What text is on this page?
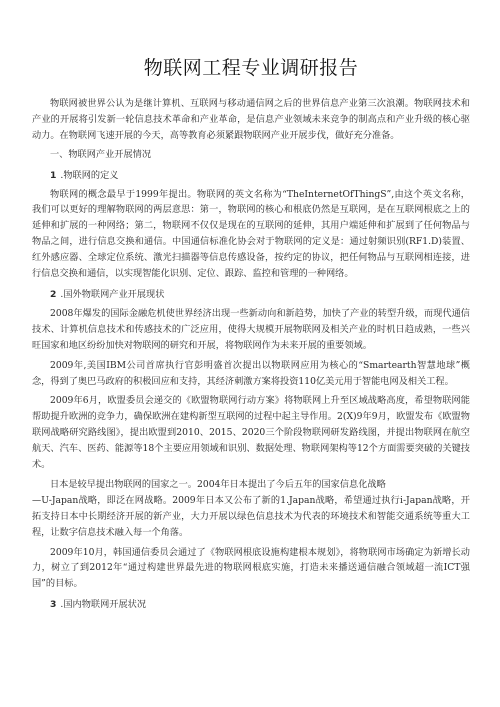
物联网工程专业调研报告

物联网被世界公认为是继计算机、互联网与移动通信网之后的世界信息产业第三次浪潮。物联网技术和产业的开展将引发新一轮信息技术革命和产业革命，是信息产业领域未来竞争的制高点和产业升级的核心驱动力。在物联网飞速开展的今天，高等教育必须紧跟物联网产业开展步伐，做好充分准备。

一、物联网产业开展情况

1 .物联网的定义

物联网的概念最早于1999年提出。物联网的英文名称为“TheInternetOfThingS”,由这个英文名称，我们可以更好的理解物联网的两层意思：第一，物联网的核心和根底仍然是互联网，是在互联网根底之上的延伸和扩展的一种网络；第二，物联网不仅仅是现在的互联网的延伸，其用户端延伸和扩展到了任何物品与物品之间，进行信息交换和通信。中国通信标准化协会对于物联网的定义是：通过射频识别(RF1.D)装置、红外感应器、全球定位系统、激光扫描器等信息传感设备，按约定的协议，把任何物品与互联网相连接，进行信息交换和通信，以实现智能化识别、定位、跟踪、监控和管理的一种网络。

2 .国外物联网产业开展现状

2008年爆发的国际金融危机使世界经济出现一些新动向和新趋势，加快了产业的转型升级，而现代通信技术、计算机信息技术和传感技术的广泛应用，使得大规模开展物联网及相关产业的时机日趋成熟，一些兴旺国家和地区纷纷加快对物联网的研究和开展，将物联网作为未来开展的重要领域。

2009年,美国IBM公司首席执行官彭明盛首次提出以物联网应用为核心的“Smartearth智慧地球”概念，得到了奥巴马政府的积极回应和支持，其经济刺激方案将投资110亿美元用于智能电网及相关工程。

2009年6月，欧盟委员会递交的《欧盟物联网行动方案》将物联网上升至区域战略高度，希望物联网能帮助提升欧洲的竞争力，确保欧洲在建构新型互联网的过程中起主导作用。2(X)9年9月，欧盟发布《欧盟物联网战略研究路线图》，提出欧盟到2010、2015、2020三个阶段物联网研发路线图，并提出物联网在航空航天、汽车、医药、能源等18个主要应用领域和识别、数据处理、物联网架构等12个方面需要突破的关键技术。

日本是较早提出物联网的国家之一。2004年日本提出了今后五年的国家信息化战略

—U-Japan战略，即泛在网战略。2009年日本又公布了新的1.Japan战略，希望通过执行i-Japan战略，开拓支持日本中长期经济开展的新产业，大力开展以绿色信息技术为代表的环境技术和智能交通系统等重大工程，让数字信息技术融入每一个角落。

2009年10月，韩国通信委员会通过了《物联网根底设施构建根本规划》，将物联网市场确定为新增长动力，树立了到2012年“通过构建世界最先进的物联网根底实施，打造未来播送通信融合领域超一流ICT强国”的目标。

3 .国内物联网开展状况
